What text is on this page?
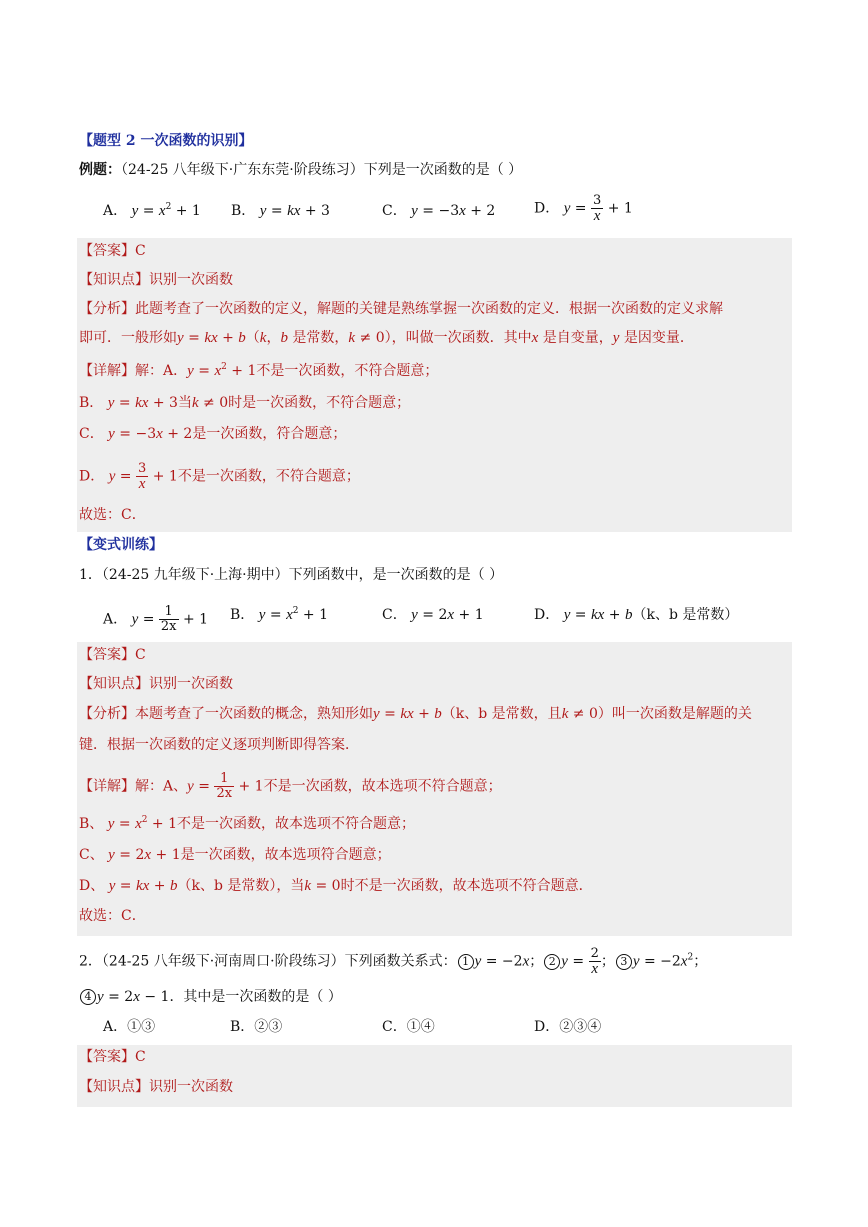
【题型 2 一次函数的识别】
例题：（24-25 八年级下·广东东莞·阶段练习）下列是一次函数的是（ ）
A． $y = x^2 + 1$ B． y = kx + 3	C． y = −3x + 2	D． $y = \frac{3}{x} + 1$
【答案】C
【知识点】识别一次函数
【分析】此题考查了一次函数的定义，解题的关键是熟练掌握一次函数的定义．根据一次函数的定义求解
即可．一般形如y = kx + b（k，b 是常数，k ≠ 0），叫做一次函数．其中x 是自变量，y 是因变量．
【详解】解：A．$y = x^2 + 1$不是一次函数，不符合题意；
B． y = kx + 3当k ≠ 0时是一次函数，不符合题意；
C． y = −3x + 2是一次函数，符合题意；
D． $y = \frac{3}{x} + 1$不是一次函数，不符合题意；
故选：C．
【变式训练】
1．（24-25 九年级下·上海·期中）下列函数中，是一次函数的是（ ）
A． $y = \frac{1}{2x} + 1$ B． $y = x^2 + 1$	C． y = 2x + 1	D． y = kx + b（k、b 是常数）
【答案】C
【知识点】识别一次函数
【分析】本题考查了一次函数的概念，熟知形如y = kx + b（k、b 是常数，且k ≠ 0）叫一次函数是解题的关
键．根据一次函数的定义逐项判断即得答案．
【详解】解：A、$y = \frac{1}{2x} + 1$不是一次函数，故本选项不符合题意；
B、 $y = x^2 + 1$不是一次函数，故本选项不符合题意；
C、 y = 2x + 1是一次函数，故本选项符合题意；
D、 y = kx + b（k、b 是常数），当k = 0时不是一次函数，故本选项不符合题意．
故选：C．
2．（24-25 八年级下·河南周口·阶段练习）下列函数关系式： 1 y = −2x； 2 $y = \frac{2}{x}$ ； 3 $y = -2x^2$；
4 y = 2x − 1．其中是一次函数的是（ ）
A．①③	B．②③	C．①④	D．②③④
【答案】C
【知识点】识别一次函数
